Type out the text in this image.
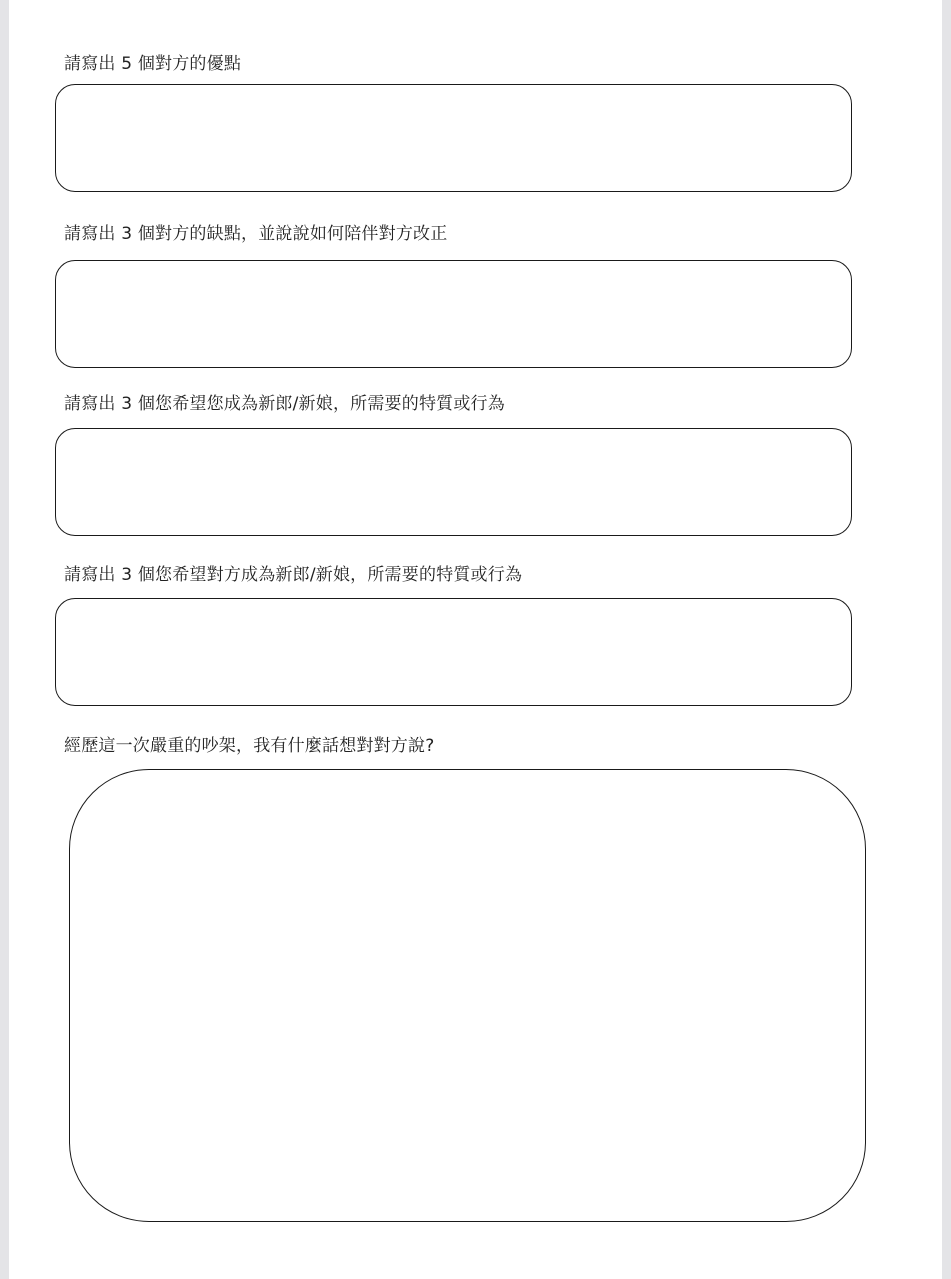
請寫出 5 個對方的優點
請寫出 3 個對方的缺點，並說說如何陪伴對方改正
請寫出 3 個您希望您成為新郎/新娘，所需要的特質或行為
請寫出 3 個您希望對方成為新郎/新娘，所需要的特質或行為
經歷這一次嚴重的吵架，我有什麼話想對對方說?
